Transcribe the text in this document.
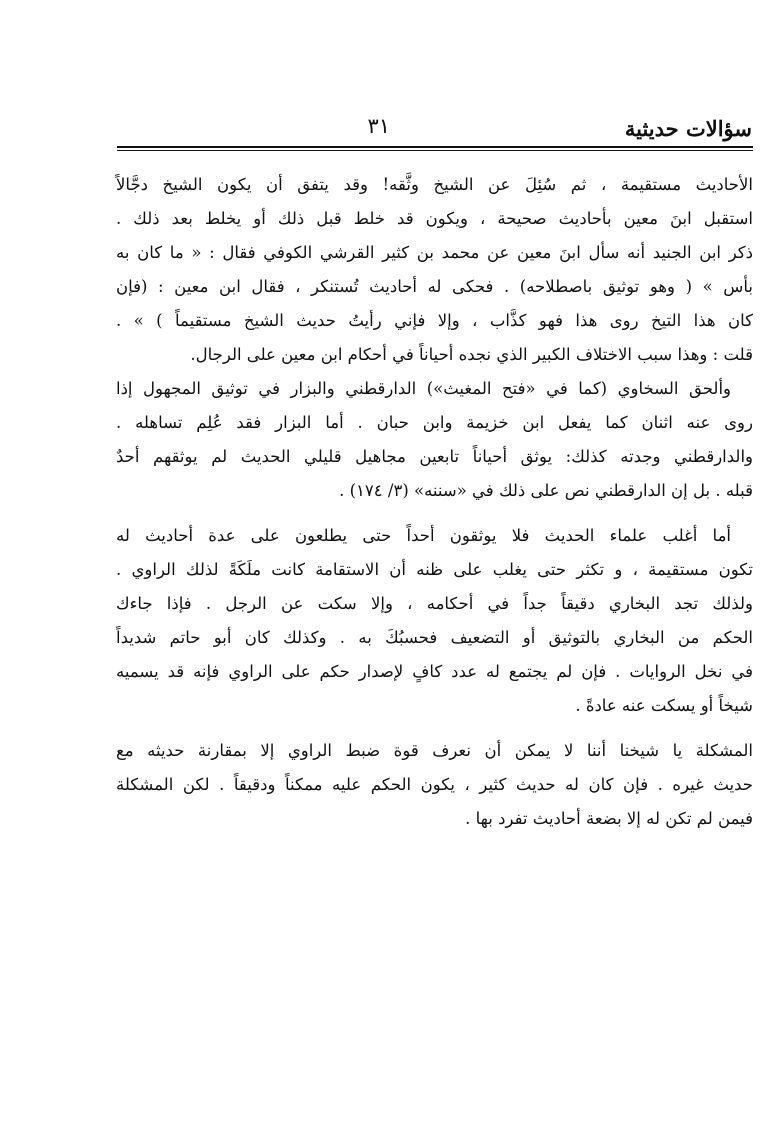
سؤالات حديثية
٣١
الأحاديث مستقيمة ، ثم سُئِلَ عن الشيخ وثَّقه! وقد يتفق أن يكون الشيخ دجَّالاً
استقبل ابنَ معين بأحاديث صحيحة ، ويكون قد خلط قبل ذلك أو يخلط بعد ذلك .
ذكر ابن الجنيد أنه سأل ابنَ معين عن محمد بن كثير القرشي الكوفي فقال : « ما كان به
بأس » ( وهو توثيق باصطلاحه) . فحكى له أحاديث تُستنكر ، فقال ابن معين : (فإن
كان هذا التيخ روى هذا فهو كذَّاب ، وإلا فإني رأيتُ حديث الشيخ مستقيماً ) » .
قلت : وهذا سبب الاختلاف الكبير الذي نجده أحياناً في أحكام ابن معين على الرجال.
وألحق السخاوي (كما في «فتح المغيث») الدارقطني والبزار في توثيق المجهول إذا
روى عنه اثنان كما يفعل ابن خزيمة وابن حبان . أما البزار فقد عُلِم تساهله .
والدارقطني وجدته كذلك: يوثق أحياناً تابعين مجاهيل قليلي الحديث لم يوثقهم أحدٌ
قبله . بل إن الدارقطني نص على ذلك في «سننه» (٣/ ١٧٤) .
أما أغلب علماء الحديث فلا يوثقون أحداً حتى يطلعون على عدة أحاديث له
تكون مستقيمة ، و تكثر حتى يغلب على ظنه أن الاستقامة كانت ملَكَةً لذلك الراوي .
ولذلك تجد البخاري دقيقاً جداً في أحكامه ، وإلا سكت عن الرجل . فإذا جاءك
الحكم من البخاري بالتوثيق أو التضعيف فحسبُكَ به . وكذلك كان أبو حاتم شديداً
في نخل الروايات . فإن لم يجتمع له عدد كافٍ لإصدار حكم على الراوي فإنه قد يسميه
شيخاً أو يسكت عنه عادةً .
المشكلة يا شيخنا أننا لا يمكن أن نعرف قوة ضبط الراوي إلا بمقارنة حديثه مع
حديث غيره . فإن كان له حديث كثير ، يكون الحكم عليه ممكناً ودقيقاً . لكن المشكلة
فيمن لم تكن له إلا بضعة أحاديث تفرد بها .
